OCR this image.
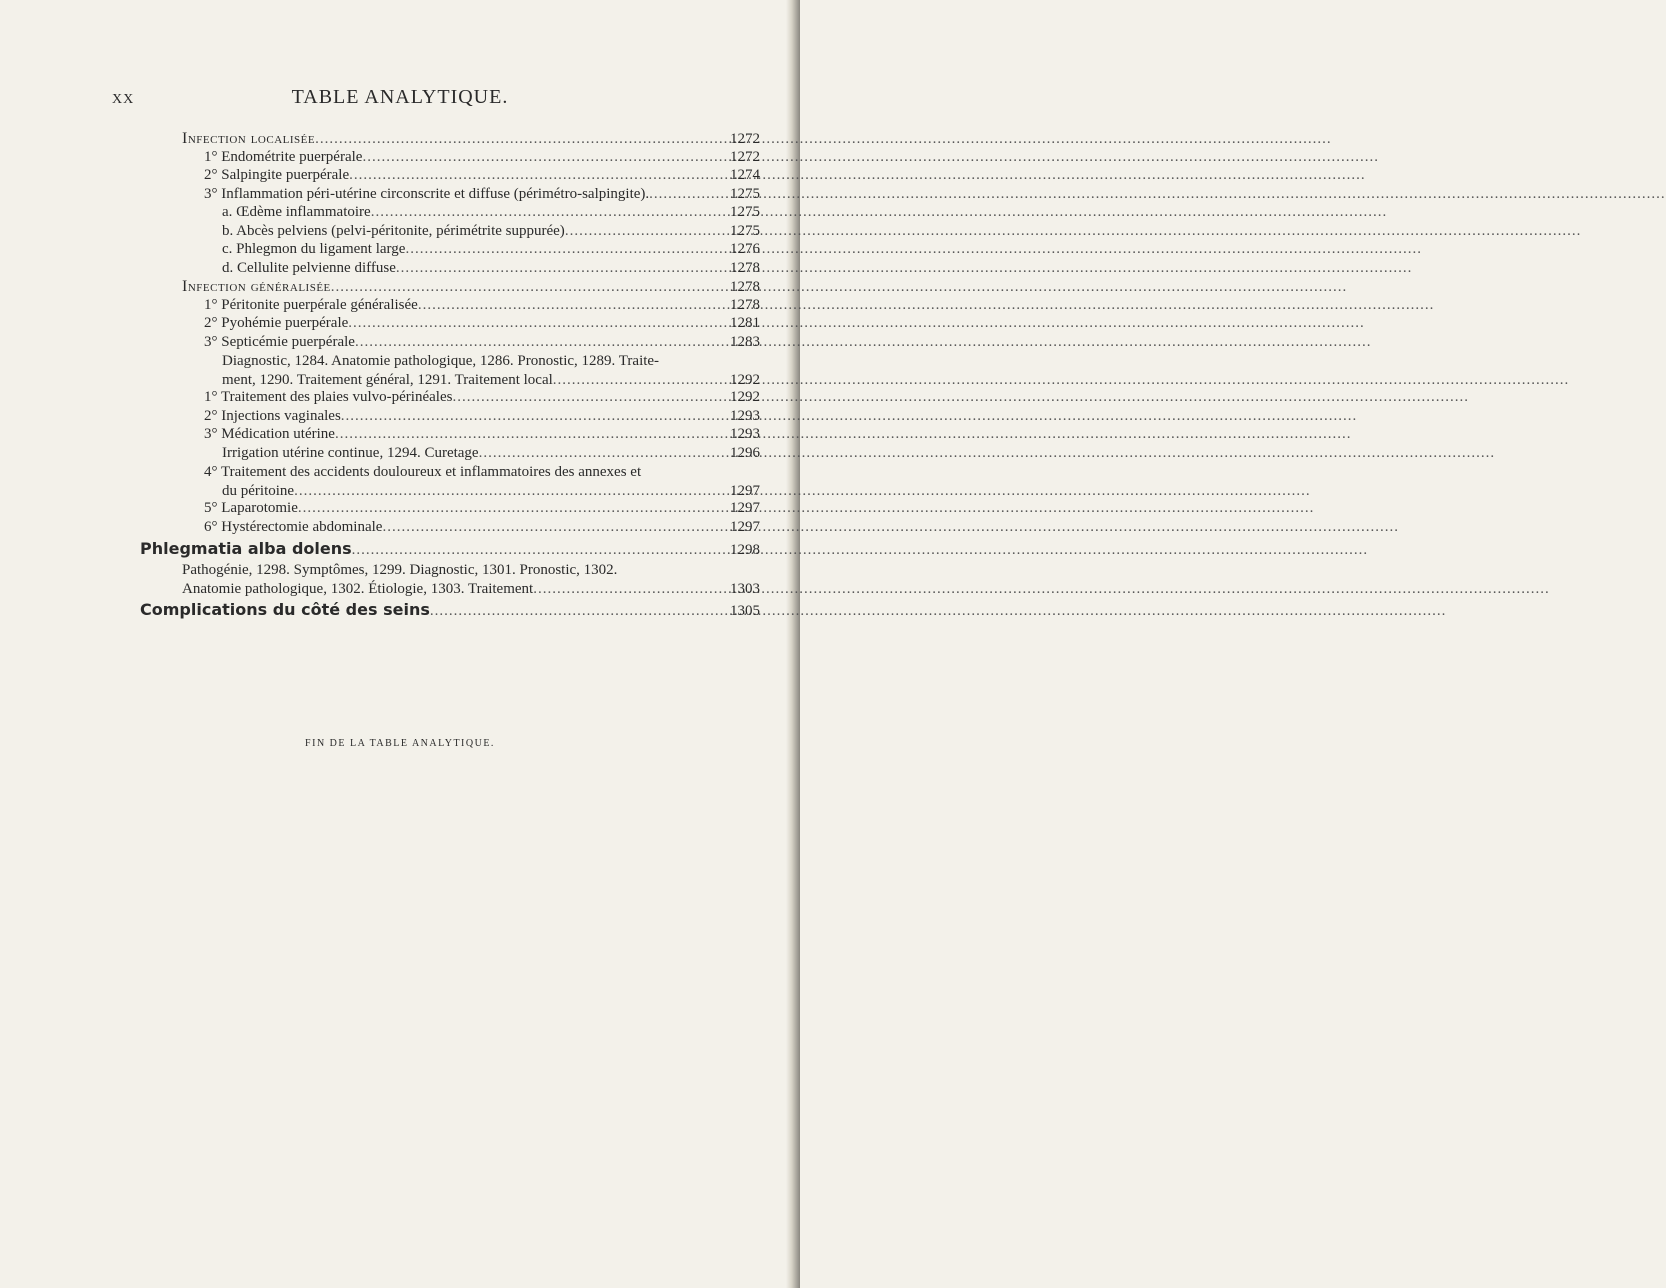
XX	TABLE ANALYTIQUE.
Infection localisée .....	1272
1° Endométrite puerpérale .....	1272
2° Salpingite puerpérale .....	1274
3° Inflammation péri-utérine circonscrite et diffuse (périmétro-salpingite). .....	1275
a. Œdème inflammatoire .....	1275
b. Abcès pelviens (pelvi-péritonite, périmétrite suppurée) .....	1275
c. Phlegmon du ligament large .....	1276
d. Cellulite pelvienne diffuse .....	1278
Infection généralisée .....	1278
1° Péritonite puerpérale généralisée .....	1278
2° Pyohémie puerpérale .....	1281
3° Septicémie puerpérale .....	1283
Diagnostic, 1284. Anatomie pathologique, 1286. Pronostic, 1289. Traite-
ment, 1290. Traitement général, 1291. Traitement local .....	1292
1° Traitement des plaies vulvo-périnéales .....	1292
2° Injections vaginales .....	1293
3° Médication utérine .....	1293
Irrigation utérine continue, 1294. Curetage .....	1296
4° Traitement des accidents douloureux et inflammatoires des annexes et
du péritoine .....	1297
5° Laparotomie .....	1297
6° Hystérectomie abdominale .....	1297
Phlegmatia alba dolens .....	1298
Pathogénie, 1298. Symptômes, 1299. Diagnostic, 1301. Pronostic, 1302.
Anatomie pathologique, 1302. Étiologie, 1303. Traitement .....	1303
Complications du côté des seins .....	1305
FIN DE LA TABLE ANALYTIQUE.
